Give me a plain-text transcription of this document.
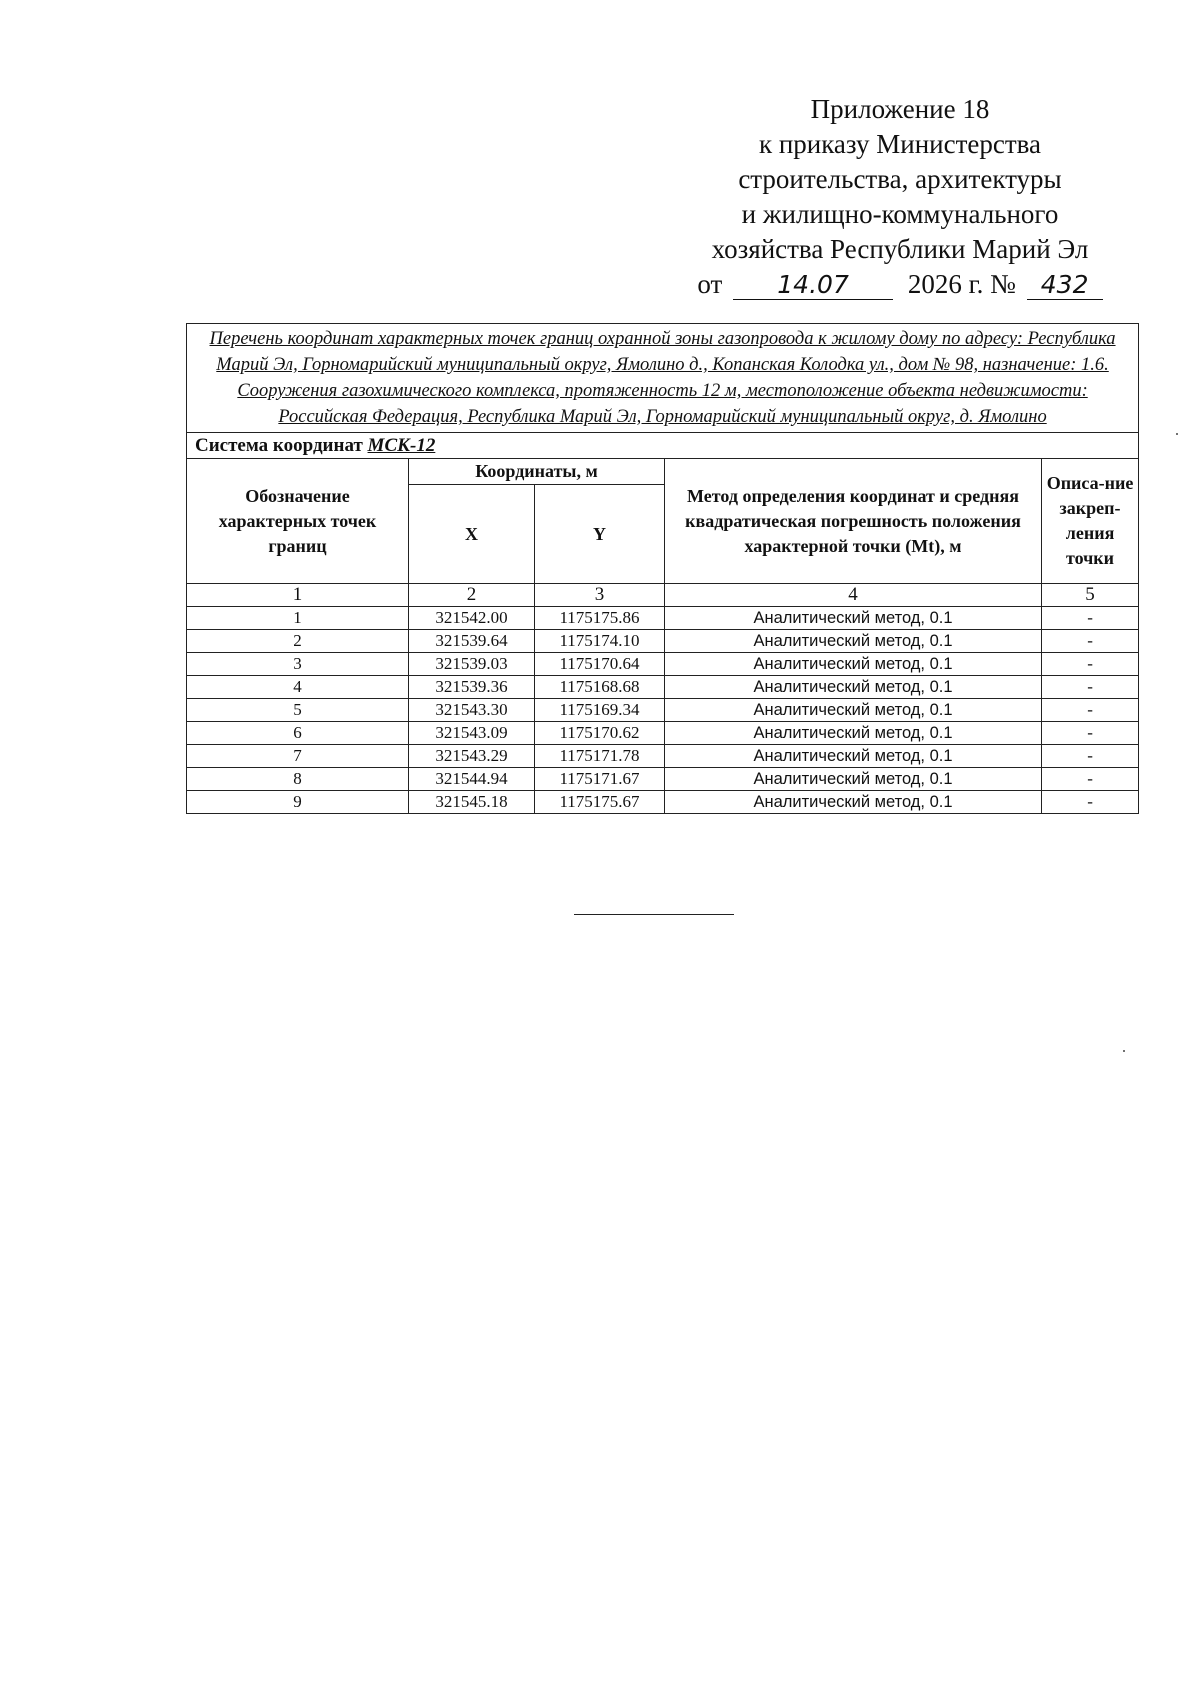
Приложение 18
к приказу Министерства
строительства, архитектуры
и жилищно-коммунального
хозяйства Республики Марий Эл
от 14.07 2026 г. № 432
Перечень координат характерных точек границ охранной зоны газопровода к жилому дому по адресу: Республика Марий Эл, Горномарийский муниципальный округ, Ямолино д., Копанская Колодка ул., дом № 98, назначение: 1.6. Сооружения газохимического комплекса, протяженность 12 м, местоположение объекта недвижимости: Российская Федерация, Республика Марий Эл, Горномарийский муниципальный округ, д. Ямолино				
Система координат МСК-12				
Обозначение характерных точек границ	Координаты, м		Метод определения координат и средняя квадратическая погрешность положения характерной точки (Mt), м	Описа-ние закреп-ления точки
	X	Y		
1	2	3	4	5
1	321542.00	1175175.86	Аналитический метод, 0.1	-
2	321539.64	1175174.10	Аналитический метод, 0.1	-
3	321539.03	1175170.64	Аналитический метод, 0.1	-
4	321539.36	1175168.68	Аналитический метод, 0.1	-
5	321543.30	1175169.34	Аналитический метод, 0.1	-
6	321543.09	1175170.62	Аналитический метод, 0.1	-
7	321543.29	1175171.78	Аналитический метод, 0.1	-
8	321544.94	1175171.67	Аналитический метод, 0.1	-
9	321545.18	1175175.67	Аналитический метод, 0.1	-
